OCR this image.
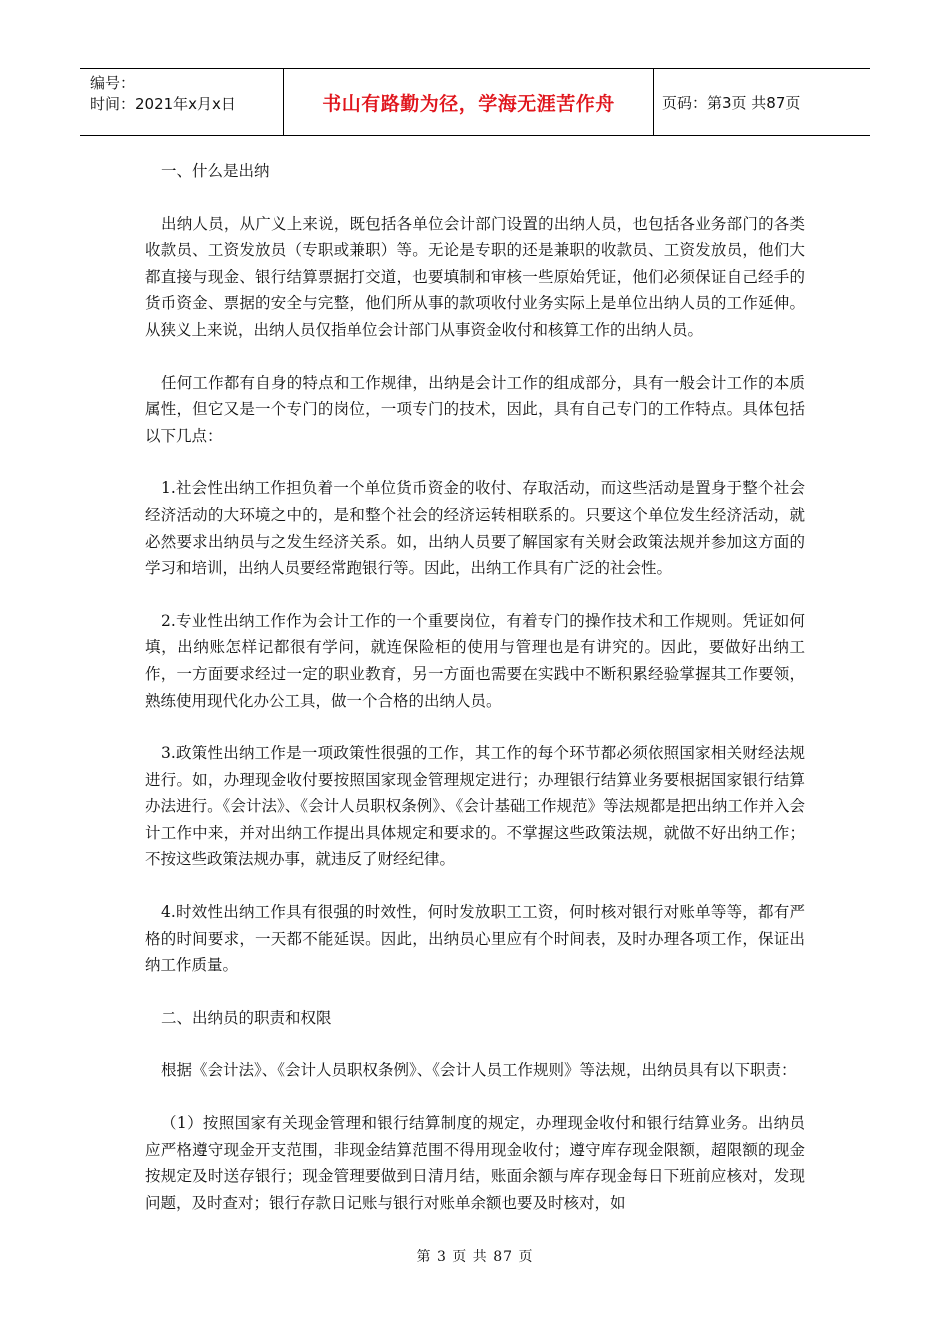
编号：
时间：2021年x月x日	书山有路勤为径，学海无涯苦作舟	页码：第3页 共87页

一、什么是出纳

出纳人员，从广义上来说，既包括各单位会计部门设置的出纳人员，也包括各业务部门的各类收款员、工资发放员（专职或兼职）等。无论是专职的还是兼职的收款员、工资发放员，他们大都直接与现金、银行结算票据打交道，也要填制和审核一些原始凭证，他们必须保证自己经手的货币资金、票据的安全与完整，他们所从事的款项收付业务实际上是单位出纳人员的工作延伸。从狭义上来说，出纳人员仅指单位会计部门从事资金收付和核算工作的出纳人员。

任何工作都有自身的特点和工作规律，出纳是会计工作的组成部分，具有一般会计工作的本质属性，但它又是一个专门的岗位，一项专门的技术，因此，具有自己专门的工作特点。具体包括以下几点：

1.社会性出纳工作担负着一个单位货币资金的收付、存取活动，而这些活动是置身于整个社会经济活动的大环境之中的，是和整个社会的经济运转相联系的。只要这个单位发生经济活动，就必然要求出纳员与之发生经济关系。如，出纳人员要了解国家有关财会政策法规并参加这方面的学习和培训，出纳人员要经常跑银行等。因此，出纳工作具有广泛的社会性。

2.专业性出纳工作作为会计工作的一个重要岗位，有着专门的操作技术和工作规则。凭证如何填，出纳账怎样记都很有学问，就连保险柜的使用与管理也是有讲究的。因此，要做好出纳工作，一方面要求经过一定的职业教育，另一方面也需要在实践中不断积累经验掌握其工作要领，熟练使用现代化办公工具，做一个合格的出纳人员。

3.政策性出纳工作是一项政策性很强的工作，其工作的每个环节都必须依照国家相关财经法规进行。如，办理现金收付要按照国家现金管理规定进行；办理银行结算业务要根据国家银行结算办法进行。《会计法》、《会计人员职权条例》、《会计基础工作规范》等法规都是把出纳工作并入会计工作中来，并对出纳工作提出具体规定和要求的。不掌握这些政策法规，就做不好出纳工作；不按这些政策法规办事，就违反了财经纪律。

4.时效性出纳工作具有很强的时效性，何时发放职工工资，何时核对银行对账单等等，都有严格的时间要求，一天都不能延误。因此，出纳员心里应有个时间表，及时办理各项工作，保证出纳工作质量。

二、出纳员的职责和权限

根据《会计法》、《会计人员职权条例》、《会计人员工作规则》等法规，出纳员具有以下职责：

（1）按照国家有关现金管理和银行结算制度的规定，办理现金收付和银行结算业务。出纳员应严格遵守现金开支范围，非现金结算范围不得用现金收付；遵守库存现金限额，超限额的现金按规定及时送存银行；现金管理要做到日清月结，账面余额与库存现金每日下班前应核对，发现问题，及时查对；银行存款日记账与银行对账单余额也要及时核对，如

第 3 页 共 87 页
